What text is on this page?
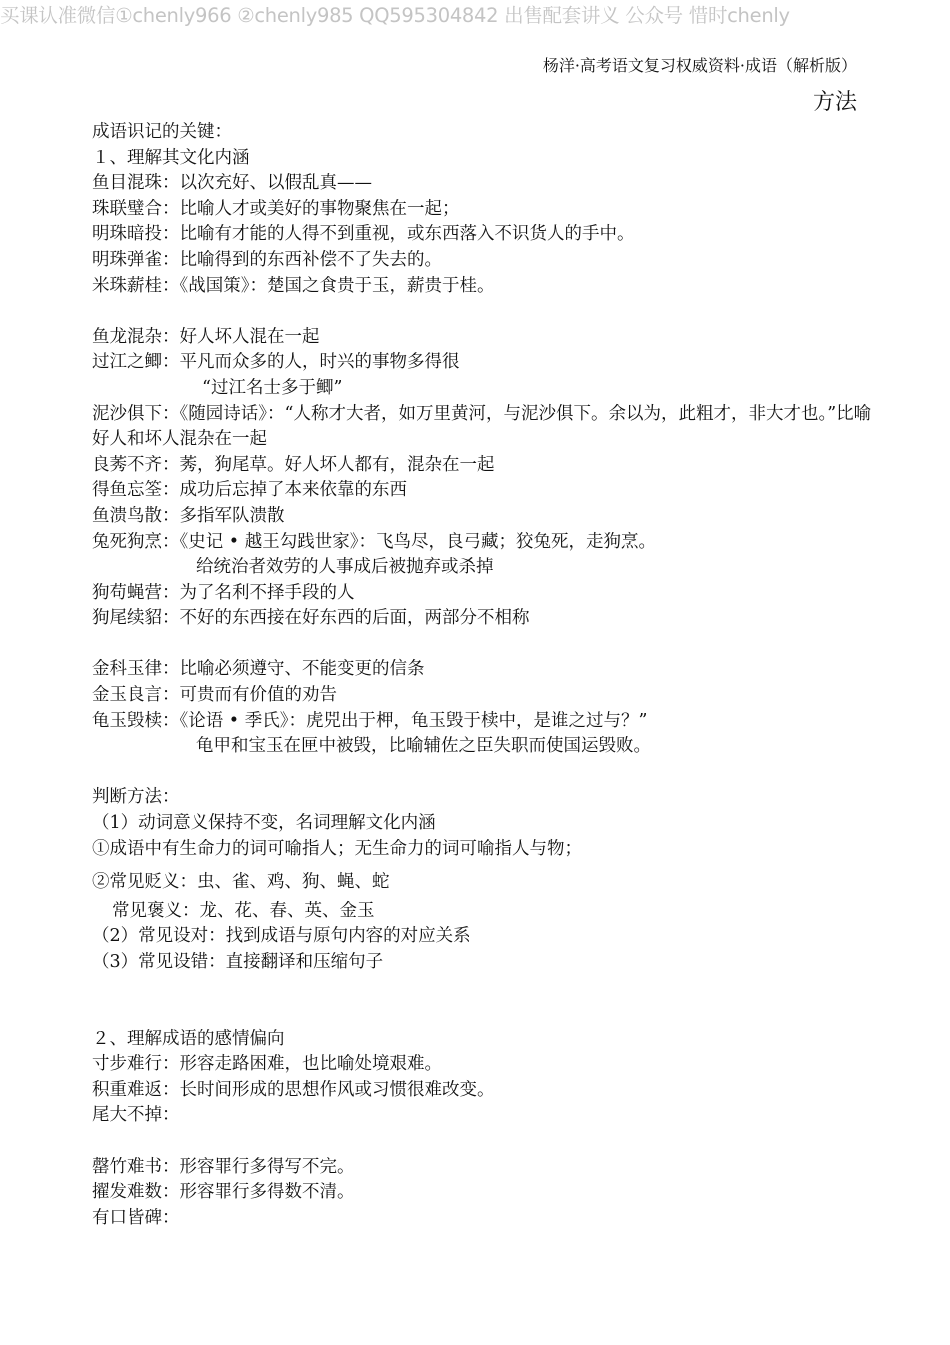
买课认准微信①chenly966 ②chenly985 QQ595304842 出售配套讲义 公众号 惜时chenly
杨洋·高考语文复习权威资料·成语（解析版）
方法
成语识记的关键：
１、理解其文化内涵
鱼目混珠：以次充好、以假乱真——
珠联璧合：比喻人才或美好的事物聚焦在一起；
明珠暗投：比喻有才能的人得不到重视，或东西落入不识货人的手中。
明珠弹雀：比喻得到的东西补偿不了失去的。
米珠薪桂：《战国策》：楚国之食贵于玉，薪贵于桂。
鱼龙混杂：好人坏人混在一起
过江之鲫：平凡而众多的人，时兴的事物多得很
“过江名士多于鲫”
泥沙俱下：《随园诗话》：“人称才大者，如万里黄河，与泥沙俱下。余以为，此粗才，非大才也。”比喻好人和坏人混杂在一起
良莠不齐：莠，狗尾草。好人坏人都有，混杂在一起
得鱼忘筌：成功后忘掉了本来依靠的东西
鱼溃鸟散：多指军队溃散
兔死狗烹：《史记 • 越王勾践世家》：飞鸟尽，良弓藏；狡兔死，走狗烹。
给统治者效劳的人事成后被抛弃或杀掉
狗苟蝇营：为了名利不择手段的人
狗尾续貂：不好的东西接在好东西的后面，两部分不相称
金科玉律：比喻必须遵守、不能变更的信条
金玉良言：可贵而有价值的劝告
龟玉毁椟：《论语 • 季氏》：虎兕出于柙，龟玉毁于椟中，是谁之过与？”
龟甲和宝玉在匣中被毁，比喻辅佐之臣失职而使国运毁败。
判断方法：
（1）动词意义保持不变，名词理解文化内涵
①成语中有生命力的词可喻指人；无生命力的词可喻指人与物；
②常见贬义：虫、雀、鸡、狗、蝇、蛇
常见褒义：龙、花、春、英、金玉
（2）常见设对：找到成语与原句内容的对应关系
（3）常见设错：直接翻译和压缩句子
２、理解成语的感情偏向
寸步难行：形容走路困难，也比喻处境艰难。
积重难返：长时间形成的思想作风或习惯很难改变。
尾大不掉：
罄竹难书：形容罪行多得写不完。
擢发难数：形容罪行多得数不清。
有口皆碑：
